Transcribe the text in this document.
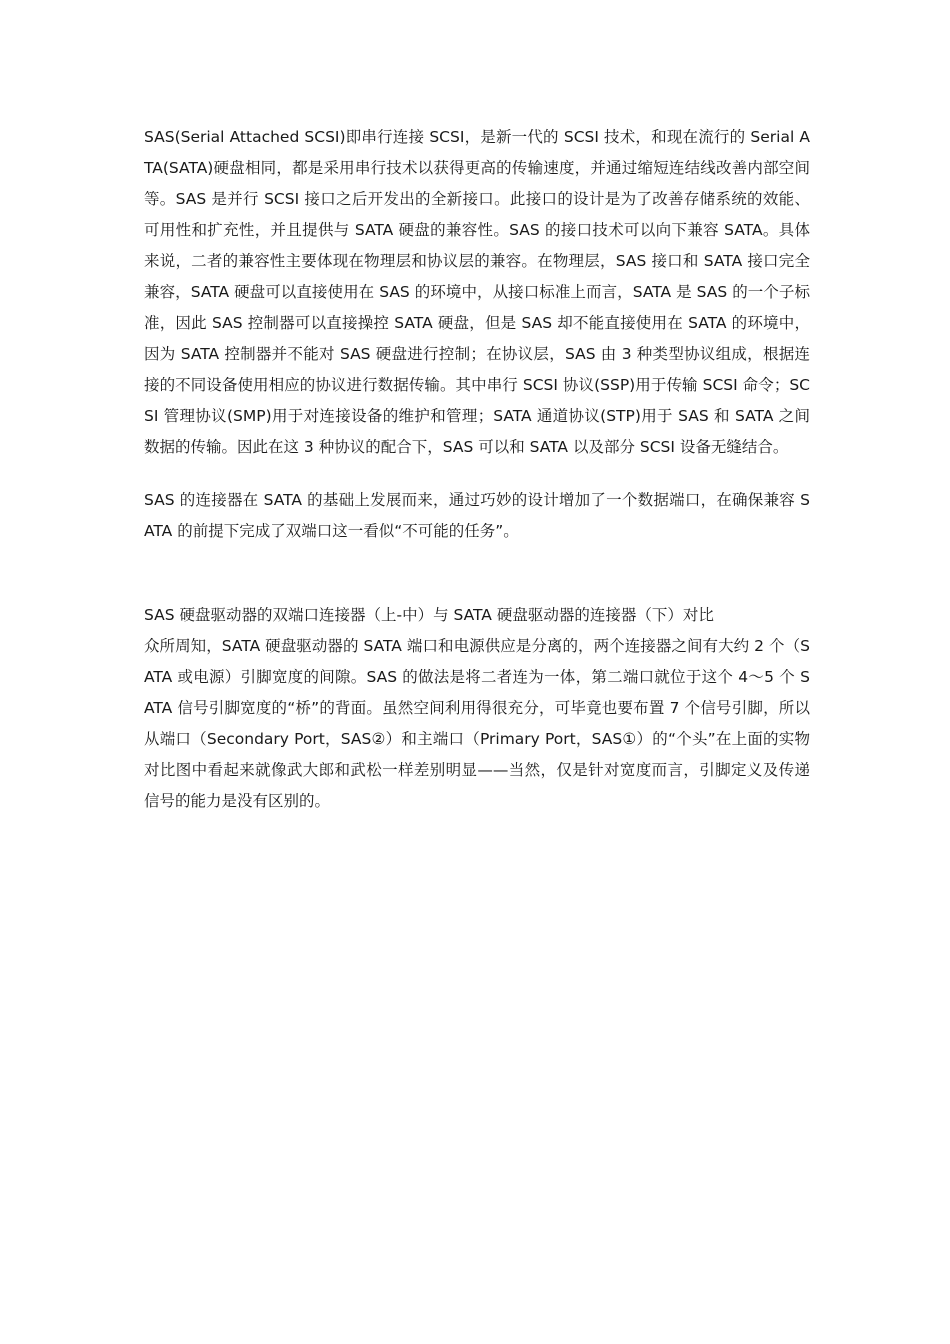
SAS(Serial Attached SCSI)即串行连接 SCSI，是新一代的 SCSI 技术，和现在流行的 Serial ATA(SATA)硬盘相同，都是采用串行技术以获得更高的传输速度，并通过缩短连结线改善内部空间等。SAS 是并行 SCSI 接口之后开发出的全新接口。此接口的设计是为了改善存储系统的效能、可用性和扩充性，并且提供与 SATA 硬盘的兼容性。SAS 的接口技术可以向下兼容 SATA。具体来说，二者的兼容性主要体现在物理层和协议层的兼容。在物理层，SAS 接口和 SATA 接口完全兼容，SATA 硬盘可以直接使用在 SAS 的环境中，从接口标准上而言，SATA 是 SAS 的一个子标准，因此 SAS 控制器可以直接操控 SATA 硬盘，但是 SAS 却不能直接使用在 SATA 的环境中，因为 SATA 控制器并不能对 SAS 硬盘进行控制；在协议层，SAS 由 3 种类型协议组成，根据连接的不同设备使用相应的协议进行数据传输。其中串行 SCSI 协议(SSP)用于传输 SCSI 命令；SCSI 管理协议(SMP)用于对连接设备的维护和管理；SATA 通道协议(STP)用于 SAS 和 SATA 之间数据的传输。因此在这 3 种协议的配合下，SAS 可以和 SATA 以及部分 SCSI 设备无缝结合。

SAS 的连接器在 SATA 的基础上发展而来，通过巧妙的设计增加了一个数据端口，在确保兼容 SATA 的前提下完成了双端口这一看似“不可能的任务”。

SAS 硬盘驱动器的双端口连接器（上-中）与 SATA 硬盘驱动器的连接器（下）对比

众所周知，SATA 硬盘驱动器的 SATA 端口和电源供应是分离的，两个连接器之间有大约 2 个（SATA 或电源）引脚宽度的间隙。SAS 的做法是将二者连为一体，第二端口就位于这个 4～5 个 SATA 信号引脚宽度的“桥”的背面。虽然空间利用得很充分，可毕竟也要布置 7 个信号引脚，所以从端口（Secondary Port，SAS②）和主端口（Primary Port，SAS①）的“个头”在上面的实物对比图中看起来就像武大郎和武松一样差别明显——当然，仅是针对宽度而言，引脚定义及传递信号的能力是没有区别的。
